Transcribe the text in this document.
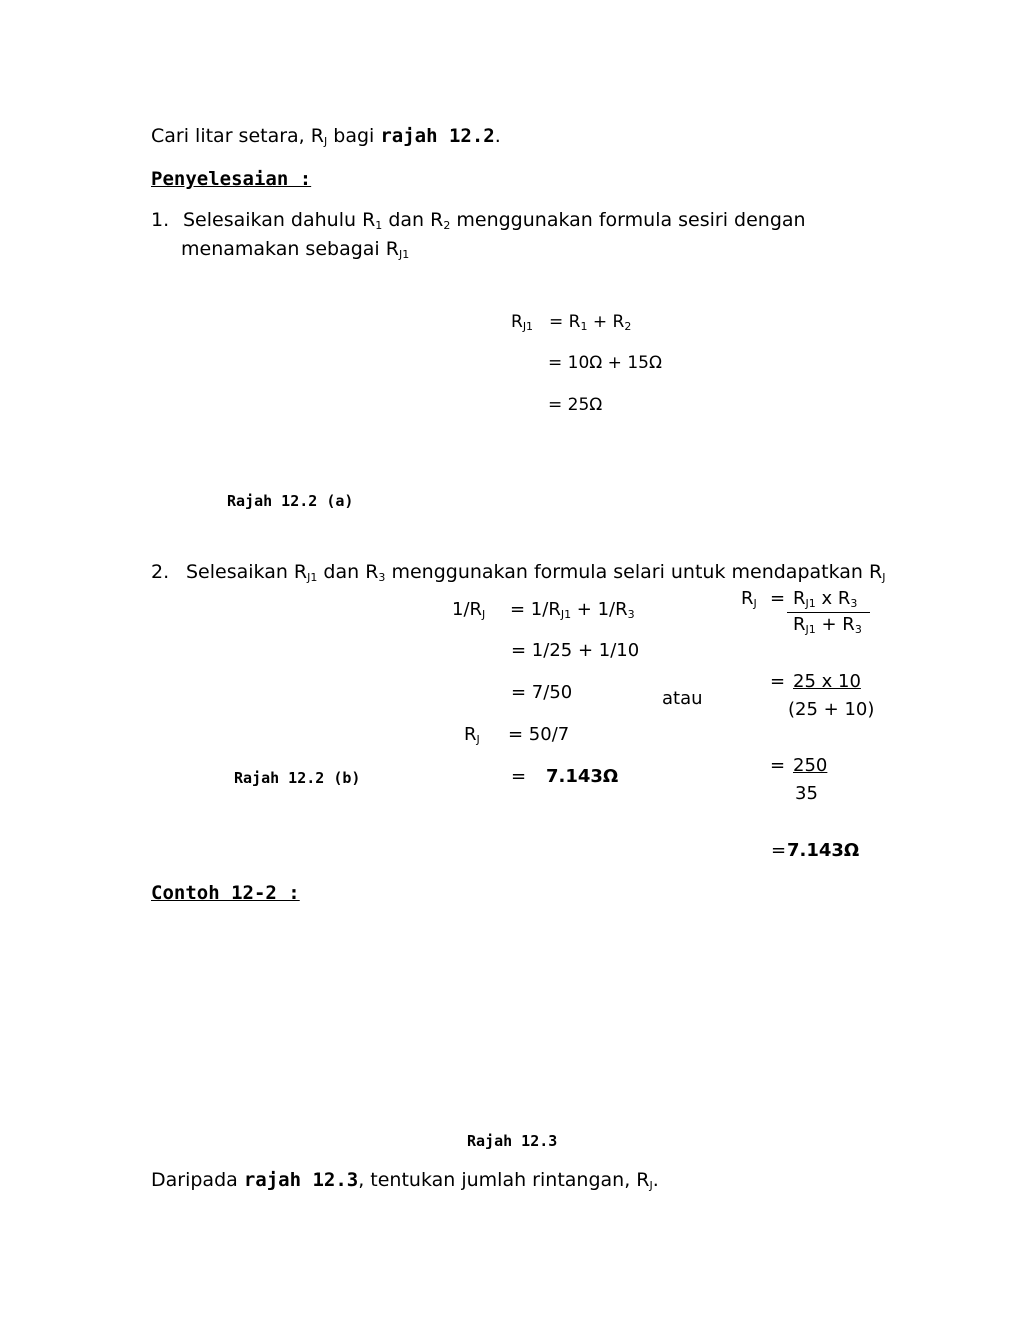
Cari litar setara, $R_J$ bagi rajah 12.2.
Penyelesaian :
1. Selesaikan dahulu $R_1$ dan $R_2$ menggunakan formula sesiri dengan
menamakan sebagai $R_{J1}$
$R_{J1} = R_1 + R_2$
= 10Ω + 15Ω
= 25Ω
Rajah 12.2 (a)
2. Selesaikan $R_{J1}$ dan $R_3$ menggunakan formula selari untuk mendapatkan $R_J$
$1/R_J = 1/R_{J1} + 1/R_3$
= 1/25 + 1/10
= 7/50
$R_J = 50/7$
= 7.143Ω
atau
$R_J = R_{J1}$ x $R_3$
$R_{J1} + R_3$
= 25 x 10
(25 + 10)
= 250
35
= 7.143Ω
Rajah 12.2 (b)
Contoh 12-2 :
Rajah 12.3
Daripada rajah 12.3, tentukan jumlah rintangan, $R_J$.
